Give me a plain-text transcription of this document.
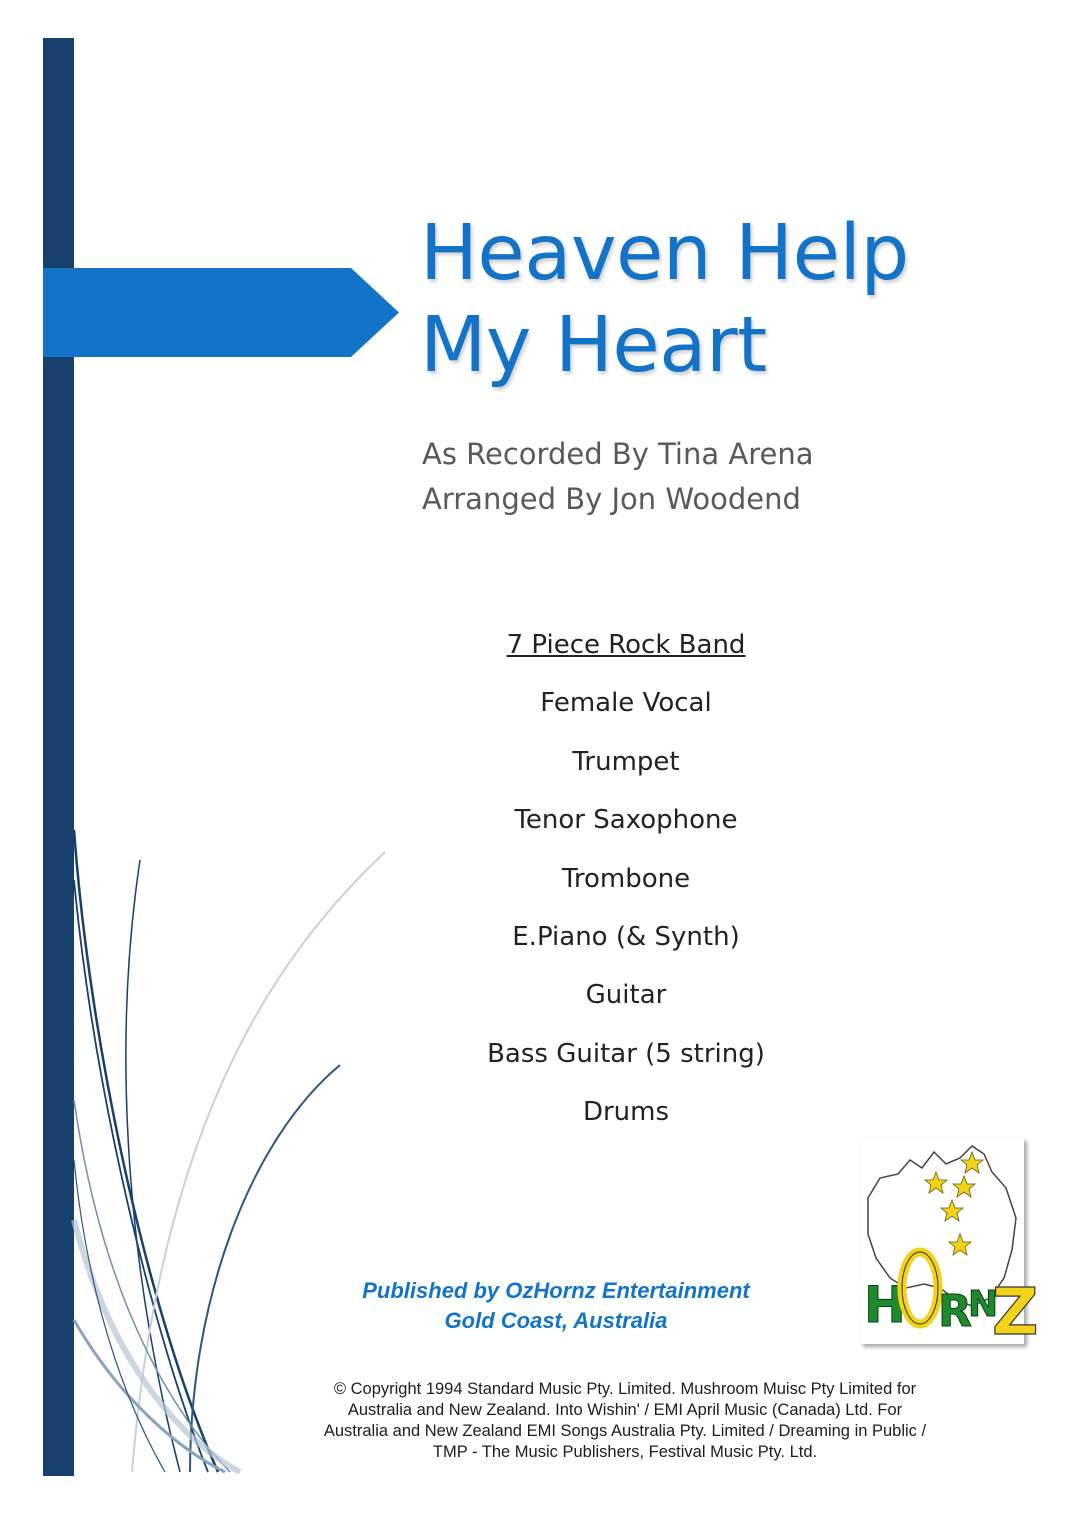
Heaven Help
My Heart
As Recorded By Tina Arena
Arranged By Jon Woodend
7 Piece Rock Band
Female Vocal
Trumpet
Tenor Saxophone
Trombone
E.Piano (& Synth)
Guitar
Bass Guitar (5 string)
Drums
Published by OzHornz Entertainment
Gold Coast, Australia	H R
N
Z
© Copyright 1994 Standard Music Pty. Limited. Mushroom Muisc Pty Limited for
Australia and New Zealand. Into Wishin' / EMI April Music (Canada) Ltd. For
Australia and New Zealand EMI Songs Australia Pty. Limited / Dreaming in Public /
TMP - The Music Publishers, Festival Music Pty. Ltd.
